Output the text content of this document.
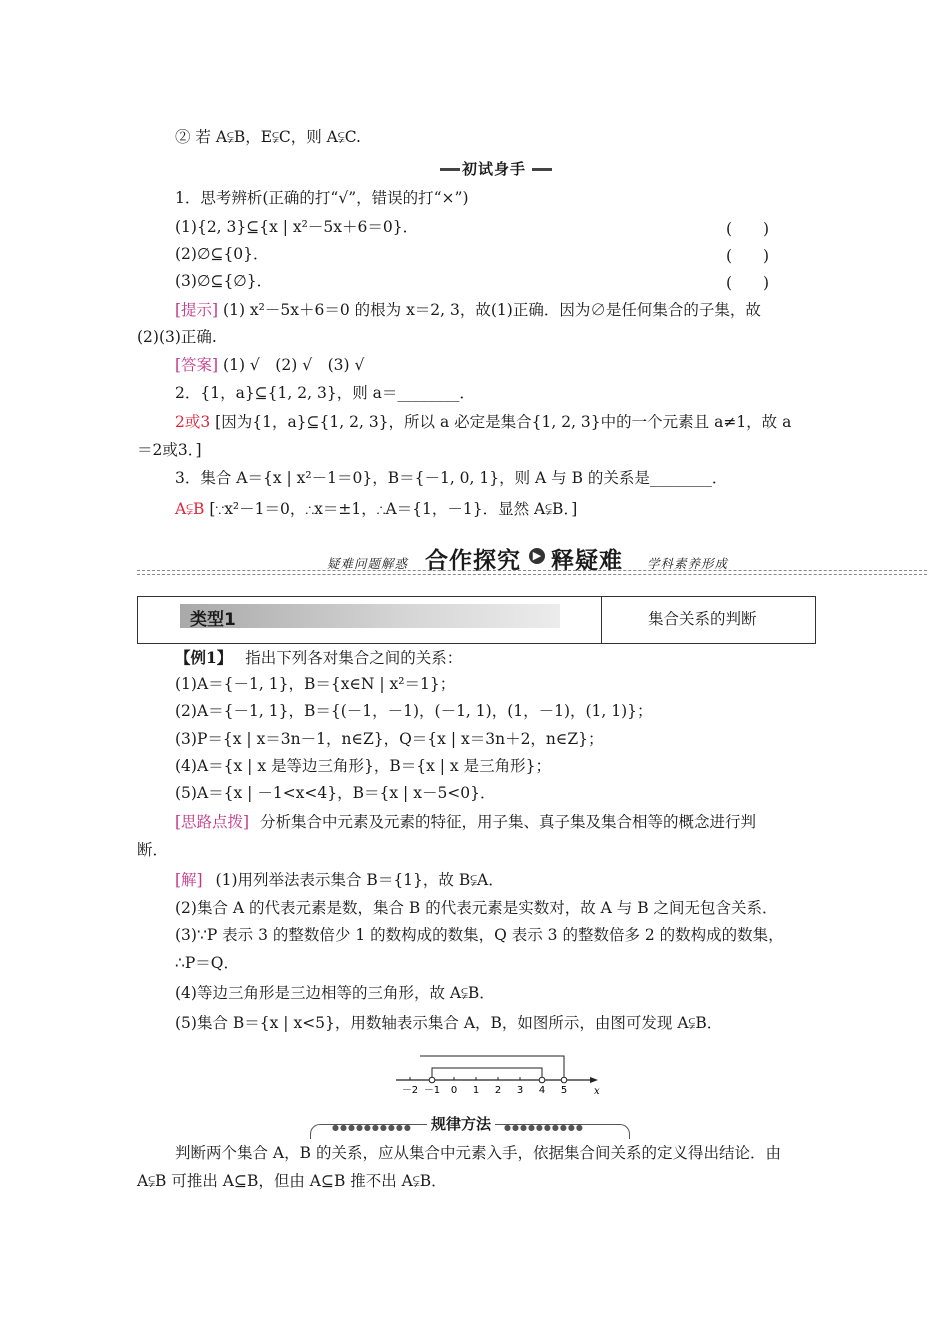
② 若 A⫋B，E⫋C，则 A⫋C.
初试身手
1．思考辨析(正确的打“√”，错误的打“×”)
(1){2, 3}⊆{x | x²－5x＋6＝0}．	(　　)
(2)∅⊆{0}．	(　　)
(3)∅⊆{∅}．	(　　)
[提示] (1) x²－5x＋6＝0 的根为 x＝2, 3，故(1)正确．因为∅是任何集合的子集，故
(2)(3)正确.
[答案] (1) √　(2) √　(3) √
2．{1，a}⊆{1, 2, 3}，则 a＝________．
2或3 [因为{1，a}⊆{1, 2, 3}，所以 a 必定是集合{1, 2, 3}中的一个元素且 a≠1，故 a
＝2或3．]
3．集合 A＝{x | x²－1＝0}，B＝{－1, 0, 1}，则 A 与 B 的关系是________．
A⫋B [∵x²－1＝0，∴x＝±1，∴A＝{1，－1}．显然 A⫋B．]
疑难问题解惑 合作探究	▶ 释疑难 学科素养形成
类型1	集合关系的判断
【例1】 指出下列各对集合之间的关系：
(1)A＝{－1, 1}，B＝{x∈N | x²＝1}；
(2)A＝{－1, 1}，B＝{(－1，－1)，(－1, 1)，(1，－1)，(1, 1)}；
(3)P＝{x | x＝3n－1，n∈Z}，Q＝{x | x＝3n＋2，n∈Z}；
(4)A＝{x | x 是等边三角形}，B＝{x | x 是三角形}；
(5)A＝{x | －1<x<4}，B＝{x | x－5<0}．
[思路点拨] 分析集合中元素及元素的特征，用子集、真子集及集合相等的概念进行判
断．
[解] (1)用列举法表示集合 B＝{1}，故 B⫋A．
(2)集合 A 的代表元素是数，集合 B 的代表元素是实数对，故 A 与 B 之间无包含关系．
(3)∵P 表示 3 的整数倍少 1 的数构成的数集，Q 表示 3 的整数倍多 2 的数构成的数集，
∴P＝Q．
(4)等边三角形是三边相等的三角形，故 A⫋B．
(5)集合 B＝{x | x<5}，用数轴表示集合 A，B，如图所示，由图可发现 A⫋B．
x
－2 －1 0 1 2 3 4 5
●●●●●●●●●● 规律方法	●●●●●●●●●●
判断两个集合 A，B 的关系，应从集合中元素入手，依据集合间关系的定义得出结论．由
A⫋B 可推出 A⊆B，但由 A⊆B 推不出 A⫋B．
